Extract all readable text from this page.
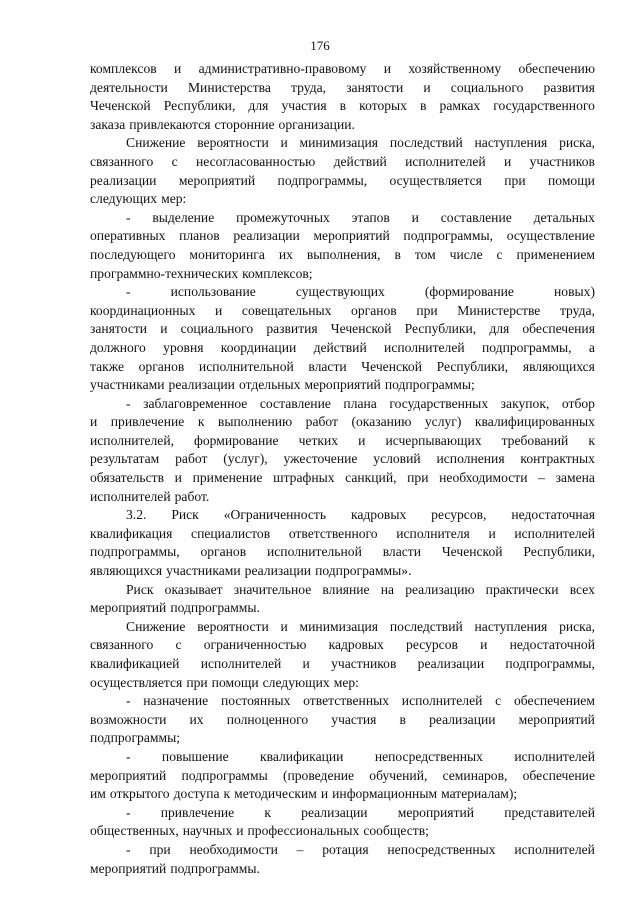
176
комплексов и административно-правовому и хозяйственному обеспечению
деятельности Министерства труда, занятости и социального развития
Чеченской Республики, для участия в которых в рамках государственного
заказа привлекаются сторонние организации.
Снижение вероятности и минимизация последствий наступления риска,
связанного с несогласованностью действий исполнителей и участников
реализации мероприятий подпрограммы, осуществляется при помощи
следующих мер:
- выделение промежуточных этапов и составление детальных
оперативных планов реализации мероприятий подпрограммы, осуществление
последующего мониторинга их выполнения, в том числе с применением
программно-технических комплексов;
-	использование	существующих	(формирование	новых)
координационных и совещательных органов при Министерстве труда,
занятости и социального развития Чеченской Республики, для обеспечения
должного уровня координации действий исполнителей подпрограммы, а
также органов исполнительной власти Чеченской Республики, являющихся
участниками реализации отдельных мероприятий подпрограммы;
- заблаговременное составление плана государственных закупок, отбор
и привлечение к выполнению работ (оказанию услуг) квалифицированных
исполнителей, формирование четких и исчерпывающих требований к
результатам работ (услуг), ужесточение условий исполнения контрактных
обязательств и применение штрафных санкций, при необходимости – замена
исполнителей работ.
3.2. Риск «Ограниченность кадровых ресурсов, недостаточная
квалификация специалистов ответственного исполнителя и исполнителей
подпрограммы, органов исполнительной власти Чеченской Республики,
являющихся участниками реализации подпрограммы».
Риск оказывает значительное влияние на реализацию практически всех
мероприятий подпрограммы.
Снижение вероятности и минимизация последствий наступления риска,
связанного с ограниченностью кадровых ресурсов и недостаточной
квалификацией исполнителей и участников реализации подпрограммы,
осуществляется при помощи следующих мер:
- назначение постоянных ответственных исполнителей с обеспечением
возможности их полноценного участия в реализации мероприятий
подпрограммы;
- повышение квалификации непосредственных исполнителей
мероприятий подпрограммы (проведение обучений, семинаров, обеспечение
им открытого доступа к методическим и информационным материалам);
- привлечение к реализации мероприятий представителей
общественных, научных и профессиональных сообществ;
- при необходимости – ротация непосредственных исполнителей
мероприятий подпрограммы.
